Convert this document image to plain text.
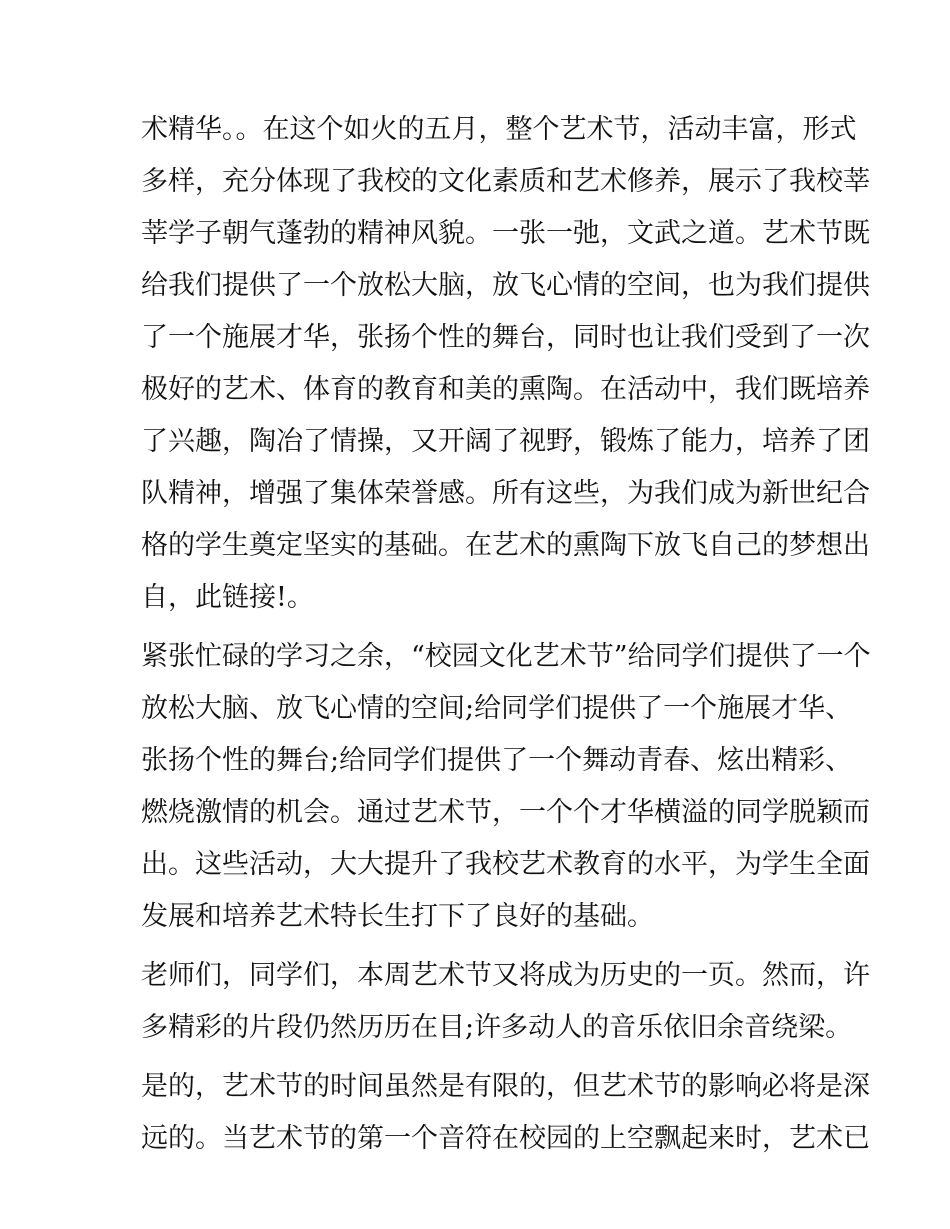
术精华。。在这个如火的五月，整个艺术节，活动丰富，形式
多样，充分体现了我校的文化素质和艺术修养，展示了我校莘
莘学子朝气蓬勃的精神风貌。一张一弛，文武之道。艺术节既
给我们提供了一个放松大脑，放飞心情的空间，也为我们提供
了一个施展才华，张扬个性的舞台，同时也让我们受到了一次
极好的艺术、体育的教育和美的熏陶。在活动中，我们既培养
了兴趣，陶冶了情操，又开阔了视野，锻炼了能力，培养了团
队精神，增强了集体荣誉感。所有这些，为我们成为新世纪合
格的学生奠定坚实的基础。在艺术的熏陶下放飞自己的梦想出
自，此链接!。
紧张忙碌的学习之余，“校园文化艺术节”给同学们提供了一个
放松大脑、放飞心情的空间;给同学们提供了一个施展才华、
张扬个性的舞台;给同学们提供了一个舞动青春、炫出精彩、
燃烧激情的机会。通过艺术节，一个个才华横溢的同学脱颖而
出。这些活动，大大提升了我校艺术教育的水平，为学生全面
发展和培养艺术特长生打下了良好的基础。
老师们，同学们，本周艺术节又将成为历史的一页。然而，许
多精彩的片段仍然历历在目;许多动人的音乐依旧余音绕梁。
是的，艺术节的时间虽然是有限的，但艺术节的影响必将是深
远的。当艺术节的第一个音符在校园的上空飘起来时，艺术已
